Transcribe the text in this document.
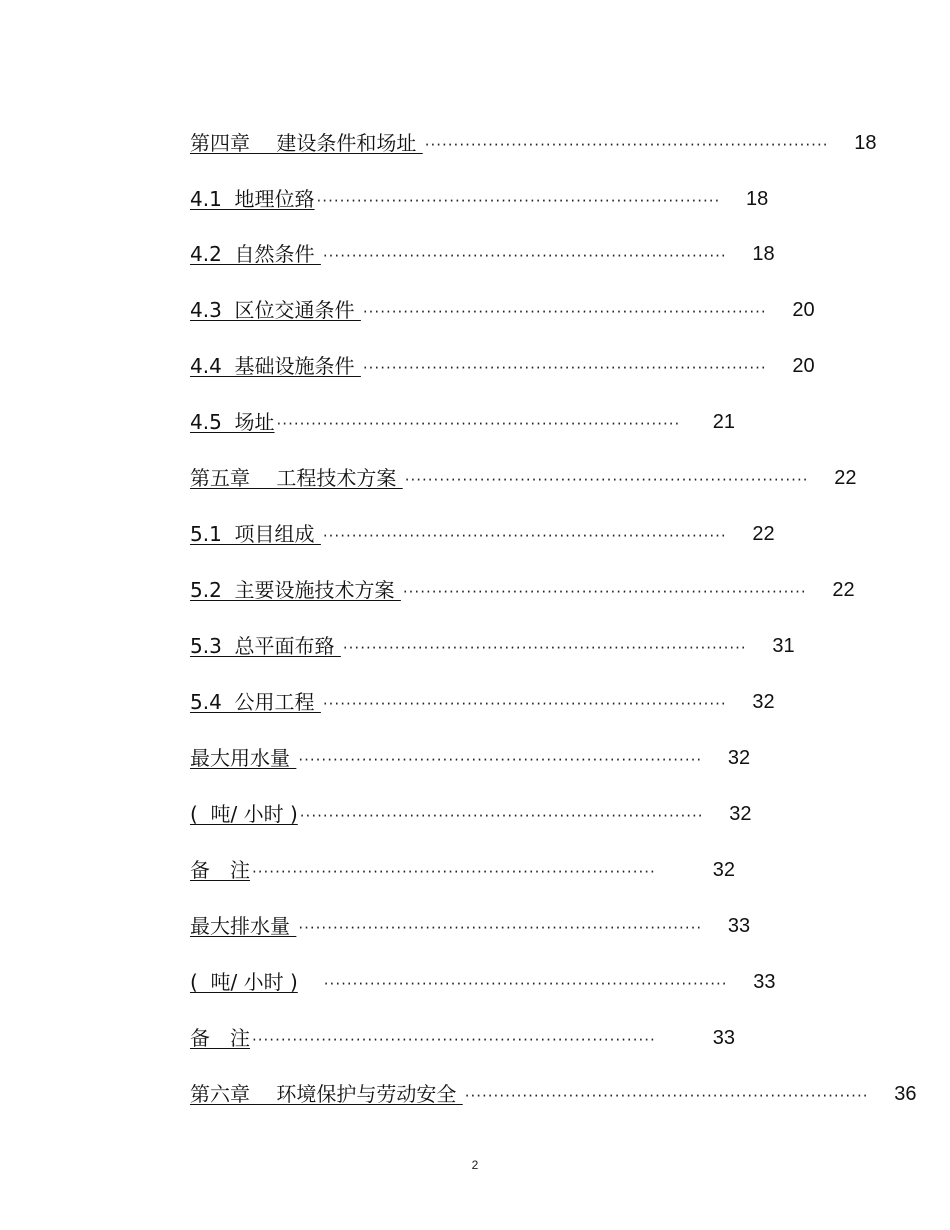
第四章　 建设条件和场址 ······································································ 18
4.1  地理位臵 ······································································ 18
4.2  自然条件 ······································································ 18
4.3  区位交通条件 ······································································ 20
4.4  基础设施条件 ······································································ 20
4.5  场址 ······································································	21
第五章　 工程技术方案 ······································································ 22
5.1  项目组成 ······································································ 22
5.2  主要设施技术方案 ······································································ 22
5.3  总平面布臵 ······································································ 31
5.4  公用工程 ······································································ 32
最大用水量 ······································································ 32
(  吨/ 小时 ) ······································································ 32
备　注 ······································································	32
最大排水量 ······································································ 33
(  吨/ 小时 ) ······································································ 33
备　注 ······································································	33
第六章　 环境保护与劳动安全 ······································································ 36
2
